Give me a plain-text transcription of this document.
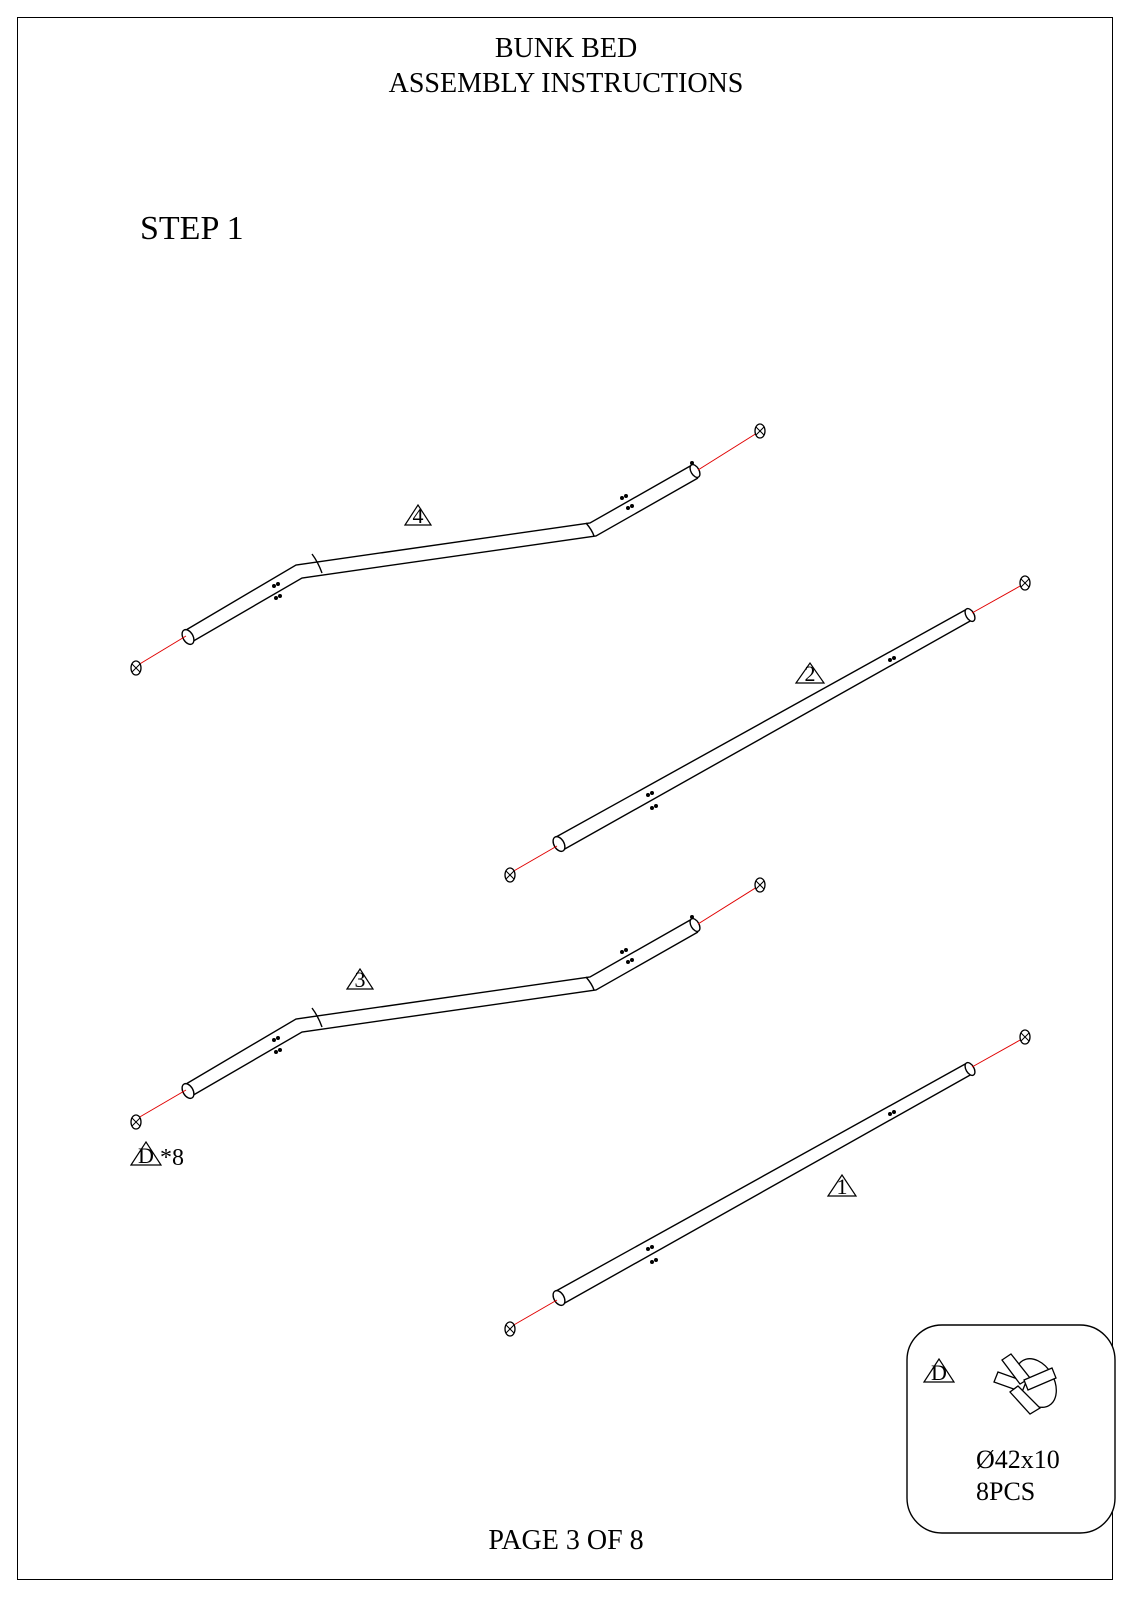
BUNK BED
ASSEMBLY INSTRUCTIONS
STEP 1
4
2
3
1
D *8
D
Ø42x10
8PCS
PAGE 3 OF 8
